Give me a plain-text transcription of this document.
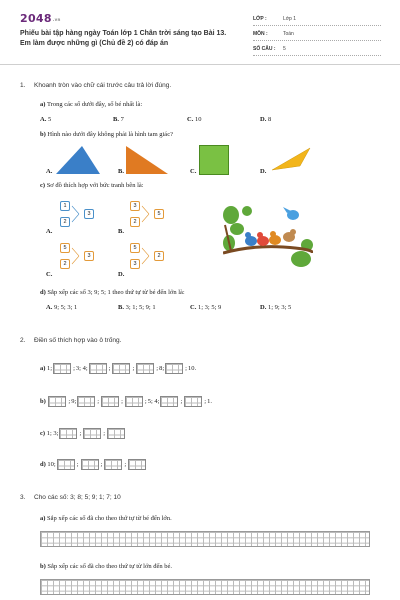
2048.vn
Phiếu bài tập hàng ngày Toán lớp 1 Chân trời sáng tạo Bài 13. Em làm được những gì (Chủ đề 2) có đáp án
LỚP :	Lớp 1
MÔN :	Toán
SỐ CÂU : 5
1. Khoanh tròn vào chữ cái trước câu trả lời đúng.
a) Trong các số dưới đây, số bé nhất là:
A. 5	B. 7	C. 10	D. 8
b) Hình nào dưới đây không phải là hình tam giác?
A.	B.	C.	D.
c) Sơ đồ thích hợp với bức tranh bên là:
1
2
3
A.
3
2
5
B.
5
2
3
C.
5
3
2
D.
d) Sắp xếp các số 3; 9; 5; 1 theo thứ tự từ bé đến lớn là:
A. 9; 5; 3; 1	B. 3; 1; 5; 9; 1	C. 1; 3; 5; 9	D. 1; 9; 3; 5
2. Điền số thích hợp vào ô trống.
a)
1;	; 3; 4;	;	;	; 8;	; 10.
b)
	; 9;	;	;	; 5; 4;	;	; 1.
c)
1; 3;	;	;
d)
10;	;	;	;
3. Cho các số: 3; 8; 5; 9; 1; 7; 10
a) Sắp xếp các số đã cho theo thứ tự từ bé đến lớn.
b) Sắp xếp các số đã cho theo thứ tự từ lớn đến bé.
